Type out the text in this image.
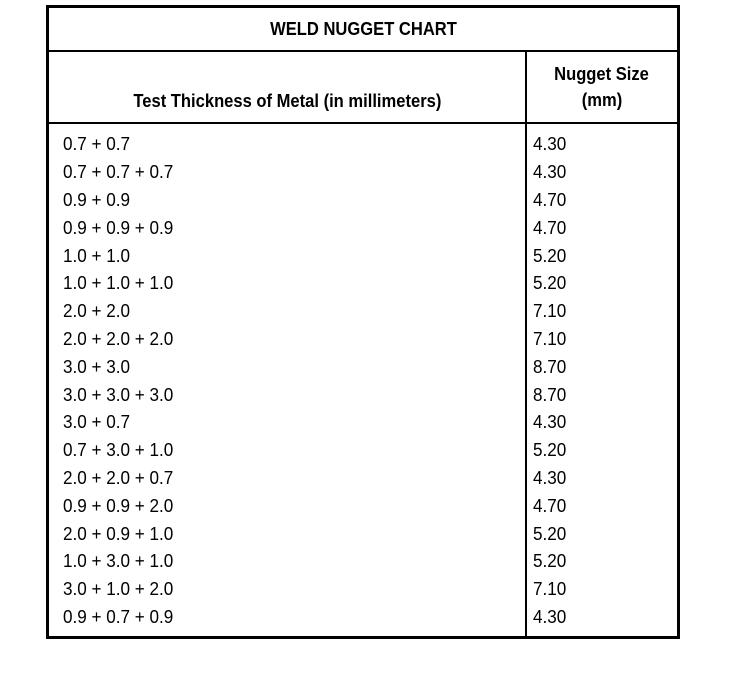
WELD NUGGET CHART
Test Thickness of Metal (in millimeters)
Nugget Size
(mm)
0.7 + 0.7	4.30
0.7 + 0.7 + 0.7	4.30
0.9 + 0.9	4.70
0.9 + 0.9 + 0.9	4.70
1.0 + 1.0	5.20
1.0 + 1.0 + 1.0	5.20
2.0 + 2.0	7.10
2.0 + 2.0 + 2.0	7.10
3.0 + 3.0	8.70
3.0 + 3.0 + 3.0	8.70
3.0 + 0.7	4.30
0.7 + 3.0 + 1.0	5.20
2.0 + 2.0 + 0.7	4.30
0.9 + 0.9 + 2.0	4.70
2.0 + 0.9 + 1.0	5.20
1.0 + 3.0 + 1.0	5.20
3.0 + 1.0 + 2.0	7.10
0.9 + 0.7 + 0.9	4.30
